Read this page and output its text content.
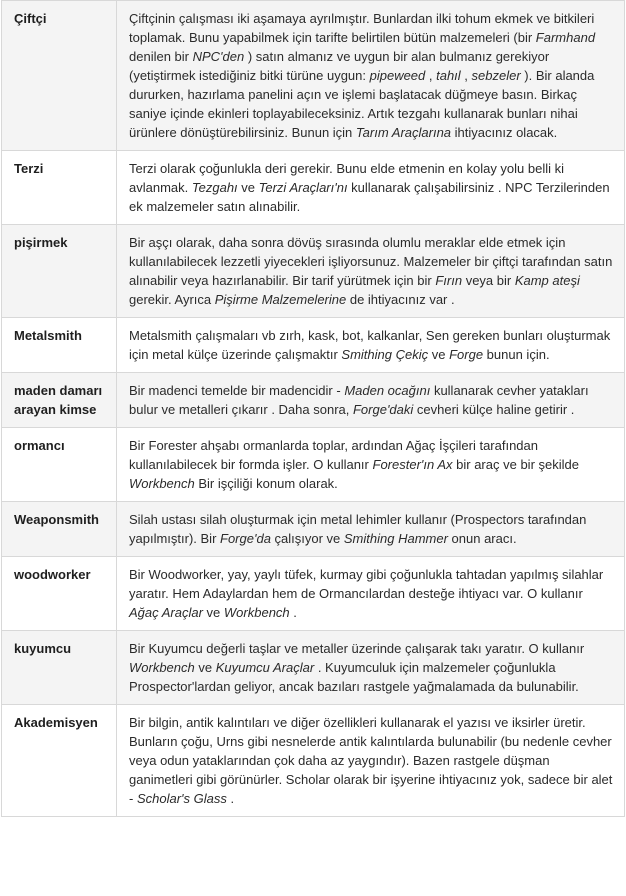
Çiftçi	Çiftçinin çalışması iki aşamaya ayrılmıştır. Bunlardan ilki tohum ekmek ve bitkileri toplamak. Bunu yapabilmek için tarifte belirtilen bütün malzemeleri (bir Farmhand denilen bir NPC'den ) satın almanız ve uygun bir alan bulmanız gerekiyor (yetiştirmek istediğiniz bitki türüne uygun: pipeweed , tahıl , sebzeler ). Bir alanda dururken, hazırlama panelini açın ve işlemi başlatacak düğmeye basın. Birkaç saniye içinde ekinleri toplayabileceksiniz. Artık tezgahı kullanarak bunları nihai ürünlere dönüştürebilirsiniz. Bunun için Tarım Araçlarına ihtiyacınız olacak.
Terzi	Terzi olarak çoğunlukla deri gerekir. Bunu elde etmenin en kolay yolu belli ki avlanmak. Tezgahı ve Terzi Araçları'nı kullanarak çalışabilirsiniz . NPC Terzilerinden ek malzemeler satın alınabilir.
pişirmek	Bir aşçı olarak, daha sonra dövüş sırasında olumlu meraklar elde etmek için kullanılabilecek lezzetli yiyecekleri işliyorsunuz. Malzemeler bir çiftçi tarafından satın alınabilir veya hazırlanabilir. Bir tarif yürütmek için bir Fırın veya bir Kamp ateşi gerekir. Ayrıca Pişirme Malzemelerine de ihtiyacınız var .
Metalsmith	Metalsmith çalışmaları vb zırh, kask, bot, kalkanlar, Sen gereken bunları oluşturmak için metal külçe üzerinde çalışmaktır Smithing Çekiç ve Forge bunun için.
maden damarı arayan kimse	Bir madenci temelde bir madencidir - Maden ocağını kullanarak cevher yatakları bulur ve metalleri çıkarır . Daha sonra, Forge'daki cevheri külçe haline getirir .
ormancı	Bir Forester ahşabı ormanlarda toplar, ardından Ağaç İşçileri tarafından kullanılabilecek bir formda işler. O kullanır Forester'ın Ax bir araç ve bir şekilde Workbench Bir işçiliği konum olarak.
Weaponsmith	Silah ustası silah oluşturmak için metal lehimler kullanır (Prospectors tarafından yapılmıştır). Bir Forge'da çalışıyor ve Smithing Hammer onun aracı.
woodworker	Bir Woodworker, yay, yaylı tüfek, kurmay gibi çoğunlukla tahtadan yapılmış silahlar yaratır. Hem Adaylardan hem de Ormancılardan desteğe ihtiyacı var. O kullanır Ağaç Araçlar ve Workbench .
kuyumcu	Bir Kuyumcu değerli taşlar ve metaller üzerinde çalışarak takı yaratır. O kullanır Workbench ve Kuyumcu Araçlar . Kuyumculuk için malzemeler çoğunlukla Prospector'lardan geliyor, ancak bazıları rastgele yağmalamada da bulunabilir.
Akademisyen	Bir bilgin, antik kalıntıları ve diğer özellikleri kullanarak el yazısı ve iksirler üretir. Bunların çoğu, Urns gibi nesnelerde antik kalıntılarda bulunabilir (bu nedenle cevher veya odun yataklarından çok daha az yaygındır). Bazen rastgele düşman ganimetleri gibi görünürler. Scholar olarak bir işyerine ihtiyacınız yok, sadece bir alet - Scholar's Glass .
